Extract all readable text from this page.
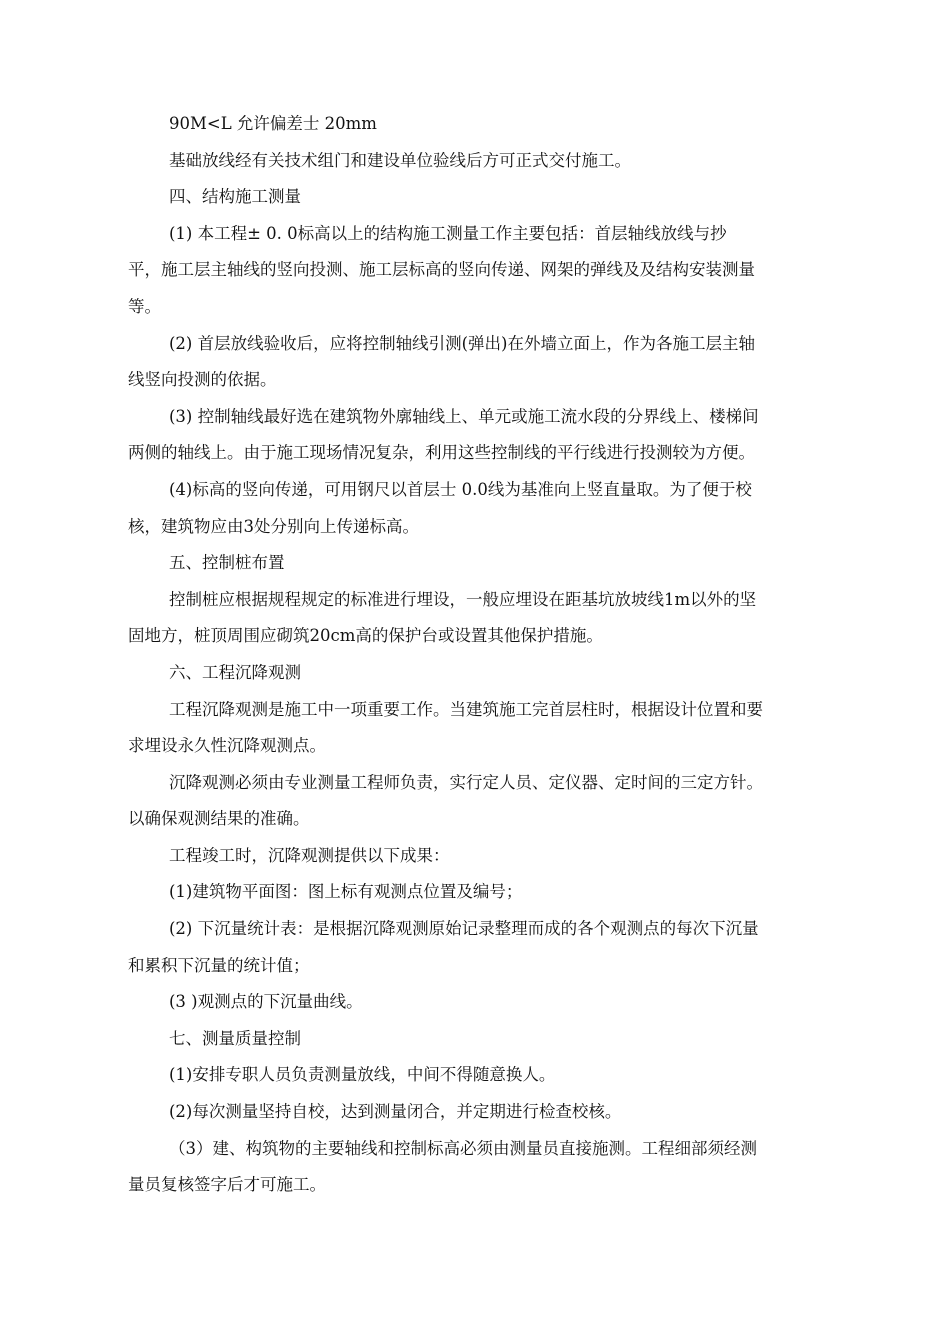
90M<L 允许偏差士 20mm
基础放线经有关技术组门和建设单位验线后方可正式交付施工。
四、结构施工测量
(1) 本工程± 0. 0标高以上的结构施工测量工作主要包括：首层轴线放线与抄
平，施工层主轴线的竖向投测、施工层标高的竖向传递、网架的弹线及及结构安装测量
等。
(2) 首层放线验收后，应将控制轴线引测(弹出)在外墙立面上，作为各施工层主轴
线竖向投测的依据。
(3) 控制轴线最好选在建筑物外廓轴线上、单元或施工流水段的分界线上、楼梯间
两侧的轴线上。由于施工现场情况复杂，利用这些控制线的平行线进行投测较为方便。
(4)标高的竖向传递，可用钢尺以首层士 0.0线为基准向上竖直量取。为了便于校
核，建筑物应由3处分别向上传递标高。
五、控制桩布置
控制桩应根据规程规定的标准进行埋设，一般应埋设在距基坑放坡线1m以外的坚
固地方，桩顶周围应砌筑20cm高的保护台或设置其他保护措施。
六、工程沉降观测
工程沉降观测是施工中一项重要工作。当建筑施工完首层柱时，根据设计位置和要
求埋设永久性沉降观测点。
沉降观测必须由专业测量工程师负责，实行定人员、定仪器、定时间的三定方针。
以确保观测结果的准确。
工程竣工时，沉降观测提供以下成果：
(1)建筑物平面图：图上标有观测点位置及编号；
(2) 下沉量统计表：是根据沉降观测原始记录整理而成的各个观测点的每次下沉量
和累积下沉量的统计值；
(3 )观测点的下沉量曲线。
七、测量质量控制
(1)安排专职人员负责测量放线，中间不得随意换人。
(2)每次测量坚持自校，达到测量闭合，并定期进行检查校核。
（3）建、构筑物的主要轴线和控制标高必须由测量员直接施测。工程细部须经测
量员复核签字后才可施工。
